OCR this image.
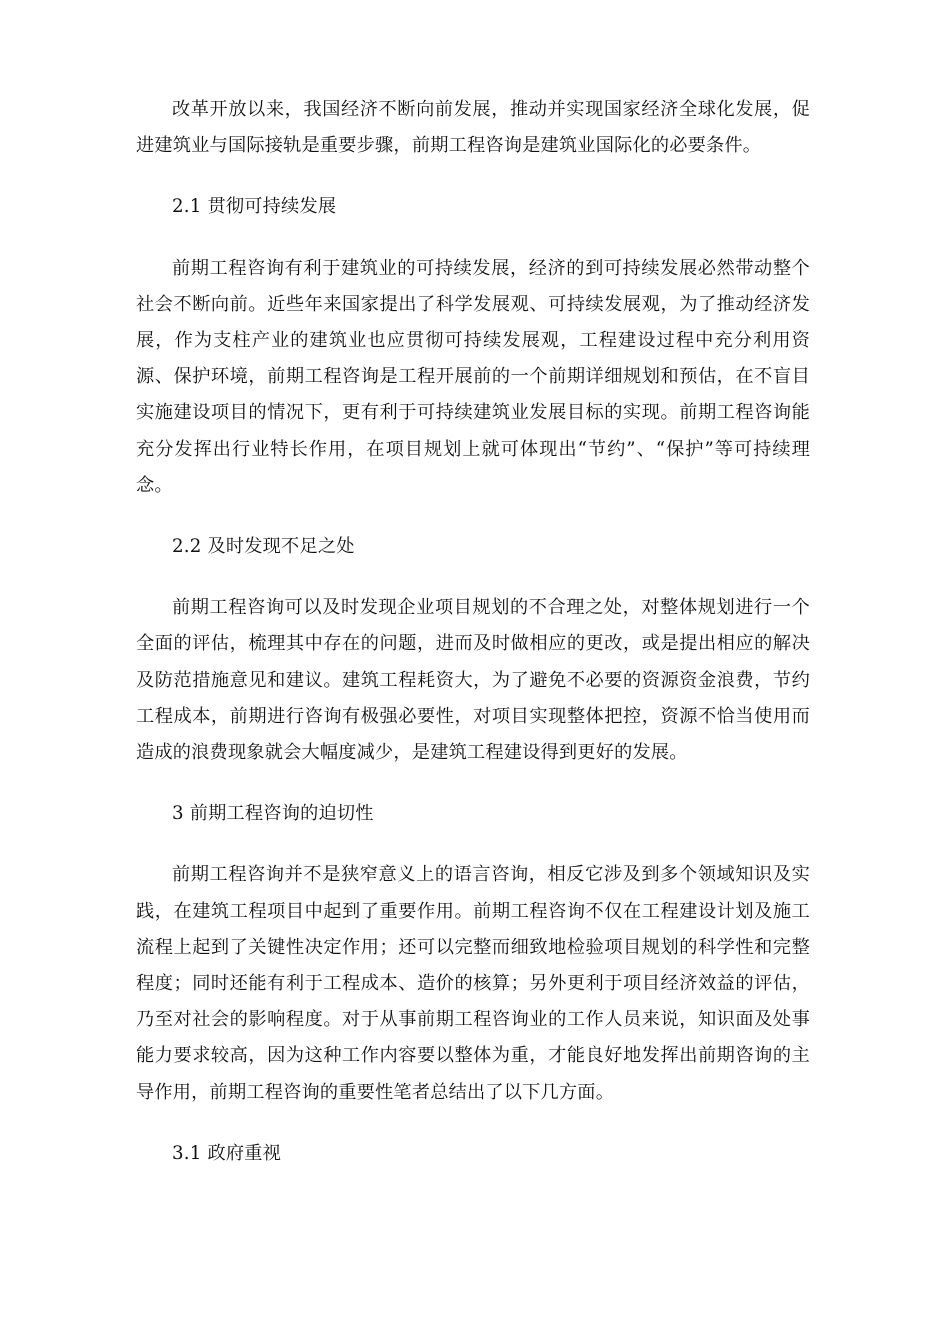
改革开放以来，我国经济不断向前发展，推动并实现国家经济全球化发展，促进建筑业与国际接轨是重要步骤，前期工程咨询是建筑业国际化的必要条件。

2.1 贯彻可持续发展

前期工程咨询有利于建筑业的可持续发展，经济的到可持续发展必然带动整个社会不断向前。近些年来国家提出了科学发展观、可持续发展观，为了推动经济发展，作为支柱产业的建筑业也应贯彻可持续发展观，工程建设过程中充分利用资源、保护环境，前期工程咨询是工程开展前的一个前期详细规划和预估，在不盲目实施建设项目的情况下，更有利于可持续建筑业发展目标的实现。前期工程咨询能充分发挥出行业特长作用，在项目规划上就可体现出“节约”、“保护”等可持续理念。

2.2 及时发现不足之处

前期工程咨询可以及时发现企业项目规划的不合理之处，对整体规划进行一个全面的评估，梳理其中存在的问题，进而及时做相应的更改，或是提出相应的解决及防范措施意见和建议。建筑工程耗资大，为了避免不必要的资源资金浪费，节约工程成本，前期进行咨询有极强必要性，对项目实现整体把控，资源不恰当使用而造成的浪费现象就会大幅度减少，是建筑工程建设得到更好的发展。

3 前期工程咨询的迫切性

前期工程咨询并不是狭窄意义上的语言咨询，相反它涉及到多个领域知识及实践，在建筑工程项目中起到了重要作用。前期工程咨询不仅在工程建设计划及施工流程上起到了关键性决定作用；还可以完整而细致地检验项目规划的科学性和完整程度；同时还能有利于工程成本、造价的核算；另外更利于项目经济效益的评估，乃至对社会的影响程度。对于从事前期工程咨询业的工作人员来说，知识面及处事能力要求较高，因为这种工作内容要以整体为重，才能良好地发挥出前期咨询的主导作用，前期工程咨询的重要性笔者总结出了以下几方面。

3.1 政府重视
